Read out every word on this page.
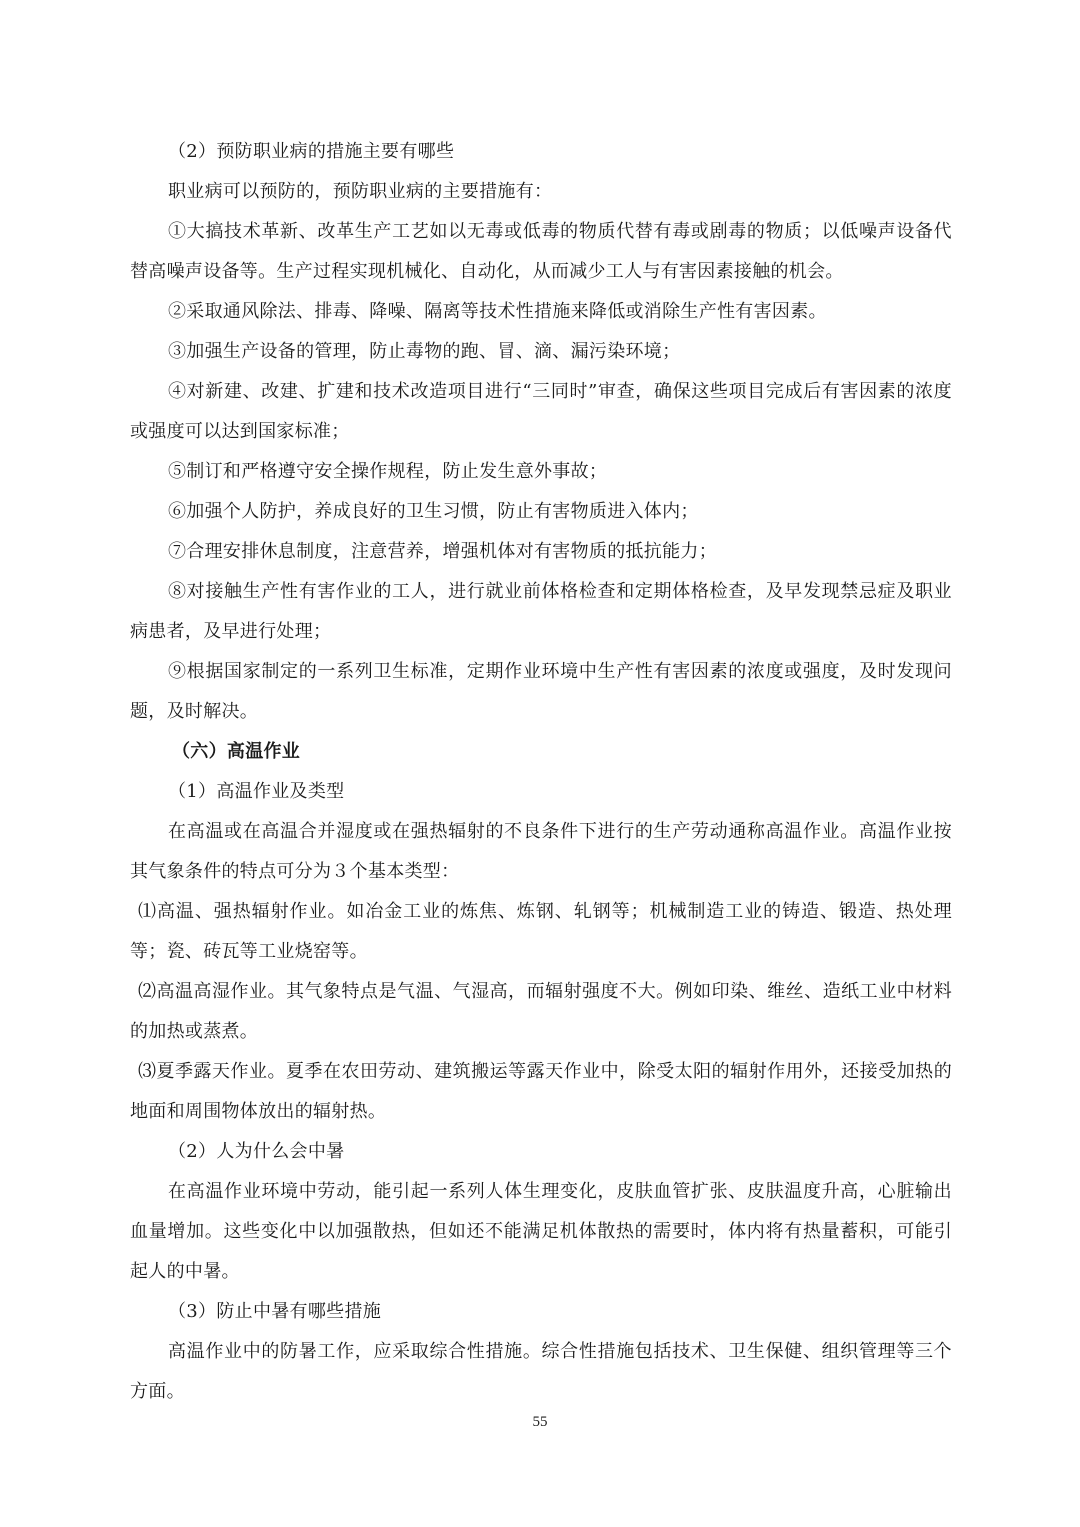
（2）预防职业病的措施主要有哪些

职业病可以预防的，预防职业病的主要措施有：

①大搞技术革新、改革生产工艺如以无毒或低毒的物质代替有毒或剧毒的物质；以低噪声设备代替高噪声设备等。生产过程实现机械化、自动化，从而减少工人与有害因素接触的机会。

②采取通风除法、排毒、降噪、隔离等技术性措施来降低或消除生产性有害因素。

③加强生产设备的管理，防止毒物的跑、冒、滴、漏污染环境；

④对新建、改建、扩建和技术改造项目进行“三同时”审查，确保这些项目完成后有害因素的浓度或强度可以达到国家标准；

⑤制订和严格遵守安全操作规程，防止发生意外事故；

⑥加强个人防护，养成良好的卫生习惯，防止有害物质进入体内；

⑦合理安排休息制度，注意营养，增强机体对有害物质的抵抗能力；

⑧对接触生产性有害作业的工人，进行就业前体格检查和定期体格检查，及早发现禁忌症及职业病患者，及早进行处理；

⑨根据国家制定的一系列卫生标准，定期作业环境中生产性有害因素的浓度或强度，及时发现问题，及时解决。

（六）高温作业

（1）高温作业及类型

在高温或在高温合并湿度或在强热辐射的不良条件下进行的生产劳动通称高温作业。高温作业按其气象条件的特点可分为３个基本类型：

⑴高温、强热辐射作业。如冶金工业的炼焦、炼钢、轧钢等；机械制造工业的铸造、锻造、热处理等；瓷、砖瓦等工业烧窑等。

⑵高温高湿作业。其气象特点是气温、气湿高，而辐射强度不大。例如印染、维丝、造纸工业中材料的加热或蒸煮。

⑶夏季露天作业。夏季在农田劳动、建筑搬运等露天作业中，除受太阳的辐射作用外，还接受加热的地面和周围物体放出的辐射热。

（2）人为什么会中暑

在高温作业环境中劳动，能引起一系列人体生理变化，皮肤血管扩张、皮肤温度升高，心脏输出血量增加。这些变化中以加强散热，但如还不能满足机体散热的需要时，体内将有热量蓄积，可能引起人的中暑。

（3）防止中暑有哪些措施

高温作业中的防暑工作，应采取综合性措施。综合性措施包括技术、卫生保健、组织管理等三个方面。

55
